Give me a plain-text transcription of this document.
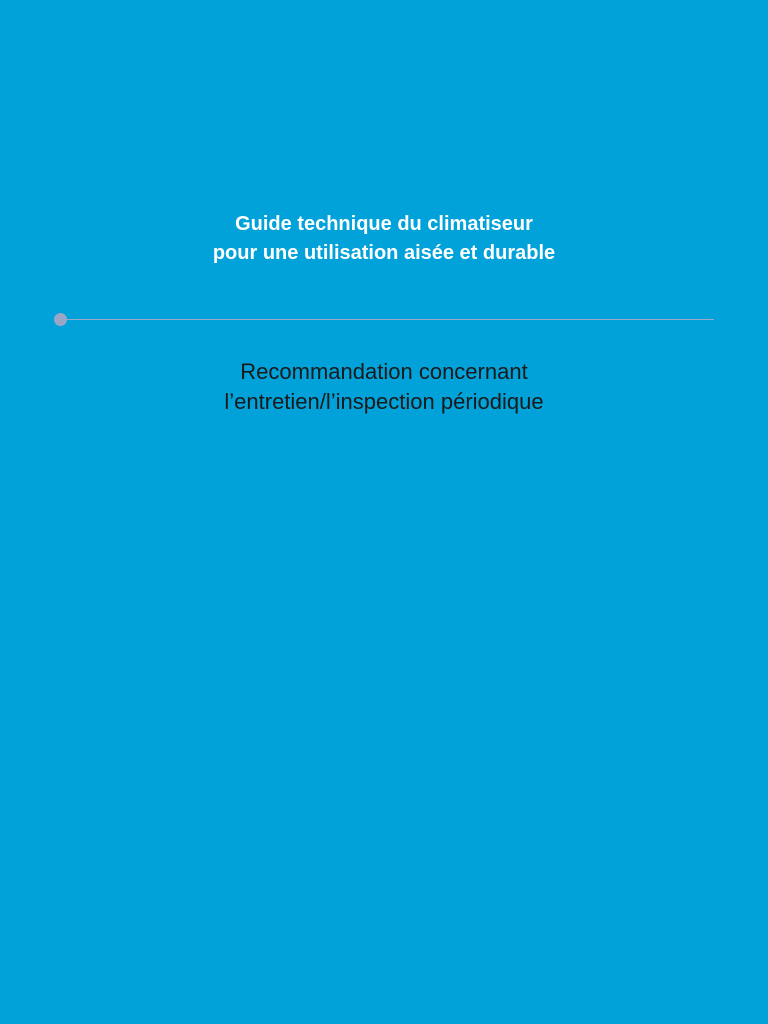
Guide technique du climatiseur
pour une utilisation aisée et durable
Recommandation concernant
l’entretien/l’inspection périodique
